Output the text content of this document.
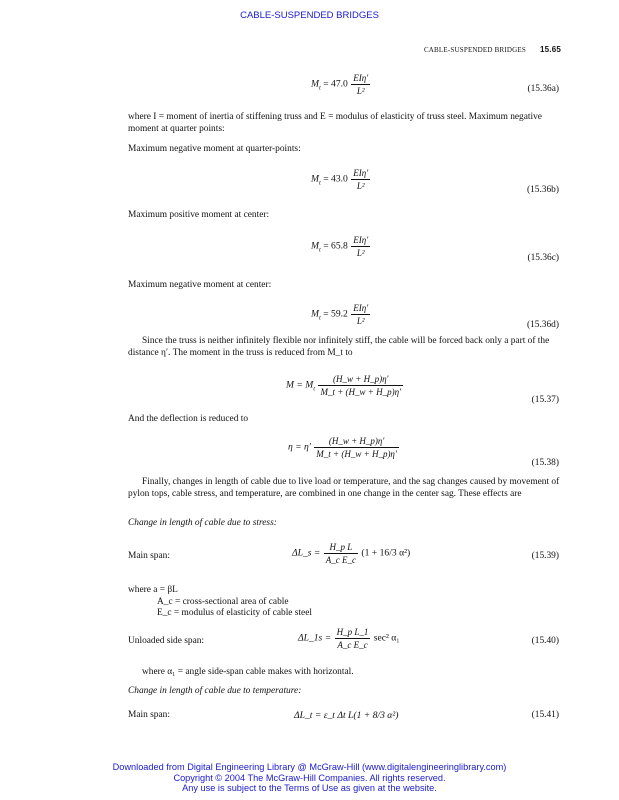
CABLE-SUSPENDED BRIDGES
CABLE-SUSPENDED BRIDGES 15.65
$M_t = 47.0 \frac{\text{EIη′}}{\text{L²}}$	(15.36a)
where I = moment of inertia of stiffening truss and E = modulus of elasticity of truss steel. Maximum negative moment at quarter points:
Maximum negative moment at quarter-points:
$M_t = 43.0 \frac{\text{EIη′}}{\text{L²}}$	(15.36b)
Maximum positive moment at center:
$M_t = 65.8 \frac{\text{EIη′}}{\text{L²}}$	(15.36c)
Maximum negative moment at center:
$M_t = 59.2 \frac{\text{EIη′}}{\text{L²}}$	(15.36d)
Since the truss is neither infinitely flexible nor infinitely stiff, the cable will be forced back only a part of the distance η′. The moment in the truss is reduced from M_t to
$M = M_t \frac{(H\_w + H\_p)\eta'}{M\_t + (H\_w + H\_p)\eta'}$
(15.37)
And the deflection is reduced to
$\eta = \eta' \frac{(H\_w + H\_p)\eta'}{M\_t + (H\_w + H\_p)\eta'}$
(15.38)
Finally, changes in length of cable due to live load or temperature, and the sag changes caused by movement of pylon tops, cable stress, and temperature, are combined in one change in the center sag. These effects are
Change in length of cable due to stress:
Main span:	ΔL_s = $\frac{\text{H\_p L}}{\text{A\_c E\_c}} (1 + 16/3$ α²)	(15.39)
where a = βL
A_c = cross-sectional area of cable
E_c = modulus of elasticity of cable steel
Unloaded side span:	ΔL_1s = $\frac{\text{H\_p L\_1}}{\text{A\_c E\_c}} \sec^2$ α₁	(15.40)
where α₁ = angle side-span cable makes with horizontal.
Change in length of cable due to temperature:
Main span:	ΔL_t = ε_t Δt L(1 + 8/3 α²)	(15.41)
Downloaded from Digital Engineering Library @ McGraw-Hill (www.digitalengineeringlibrary.com)
Copyright © 2004 The McGraw-Hill Companies. All rights reserved.
Any use is subject to the Terms of Use as given at the website.
